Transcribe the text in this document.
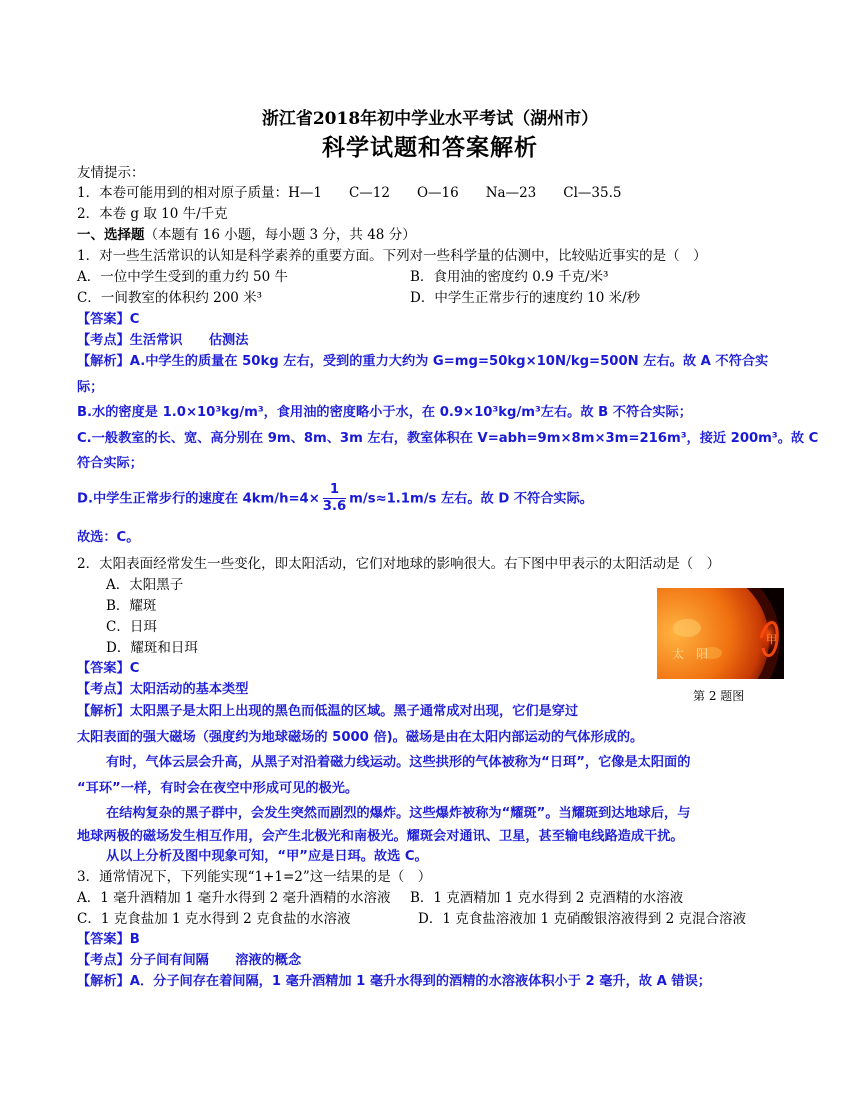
浙江省2018年初中学业水平考试（湖州市）
科学试题和答案解析
友情提示：
1．本卷可能用到的相对原子质量：H—1　　C—12　　O—16　　Na—23　　Cl—35.5
2．本卷 g 取 10 牛/千克
一、选择题（本题有 16 小题，每小题 3 分，共 48 分）
1．对一些生活常识的认知是科学素养的重要方面。下列对一些科学量的估测中，比较贴近事实的是（　）
A．一位中学生受到的重力约 50 牛	B．食用油的密度约 0.9 千克/米³
C．一间教室的体积约 200 米³	D．中学生正常步行的速度约 10 米/秒
【答案】C
【考点】生活常识　　估测法
【解析】A.中学生的质量在 50kg 左右，受到的重力大约为 G=mg=50kg×10N/kg=500N 左右。故 A 不符合实
际；
B.水的密度是 1.0×10³kg/m³，食用油的密度略小于水，在 0.9×10³kg/m³左右。故 B 不符合实际；
C.一般教室的长、宽、高分别在 9m、8m、3m 左右，教室体积在 V=abh=9m×8m×3m=216m³，接近 200m³。故 C
符合实际；
D.中学生正常步行的速度在 $4km/h=4\times \frac{1}{3.6} m/s\approx 1.1m/s$ 左右。故 D 不符合实际。
故选：C。
2．太阳表面经常发生一些变化，即太阳活动，它们对地球的影响很大。右下图中甲表示的太阳活动是（　）
A．太阳黑子
B．耀斑
C．日珥
D．耀斑和日珥
【答案】C
【考点】太阳活动的基本类型
【解析】太阳黑子是太阳上出现的黑色而低温的区域。黑子通常成对出现，它们是穿过
太阳表面的强大磁场（强度约为地球磁场的 5000 倍)。磁场是由在太阳内部运动的气体形成的。
有时，气体云层会升高，从黑子对沿着磁力线运动。这些拱形的气体被称为“日珥”，它像是太阳面的
“耳环”一样，有时会在夜空中形成可见的极光。
在结构复杂的黑子群中，会发生突然而剧烈的爆炸。这些爆炸被称为“耀斑”。当耀斑到达地球后，与
地球两极的磁场发生相互作用，会产生北极光和南极光。耀斑会对通讯、卫星，甚至输电线路造成干扰。
从以上分析及图中现象可知，“甲”应是日珥。故选 C。
甲
太　阳
第 2 题图
3．通常情况下，下列能实现“1+1=2”这一结果的是（　）
A．1 毫升酒精加 1 毫升水得到 2 毫升酒精的水溶液 B．1 克酒精加 1 克水得到 2 克酒精的水溶液
C．1 克食盐加 1 克水得到 2 克食盐的水溶液	D．1 克食盐溶液加 1 克硝酸银溶液得到 2 克混合溶液
【答案】B
【考点】分子间有间隔　　溶液的概念
【解析】A．分子间存在着间隔，1 毫升酒精加 1 毫升水得到的酒精的水溶液体积小于 2 毫升，故 A 错误；
